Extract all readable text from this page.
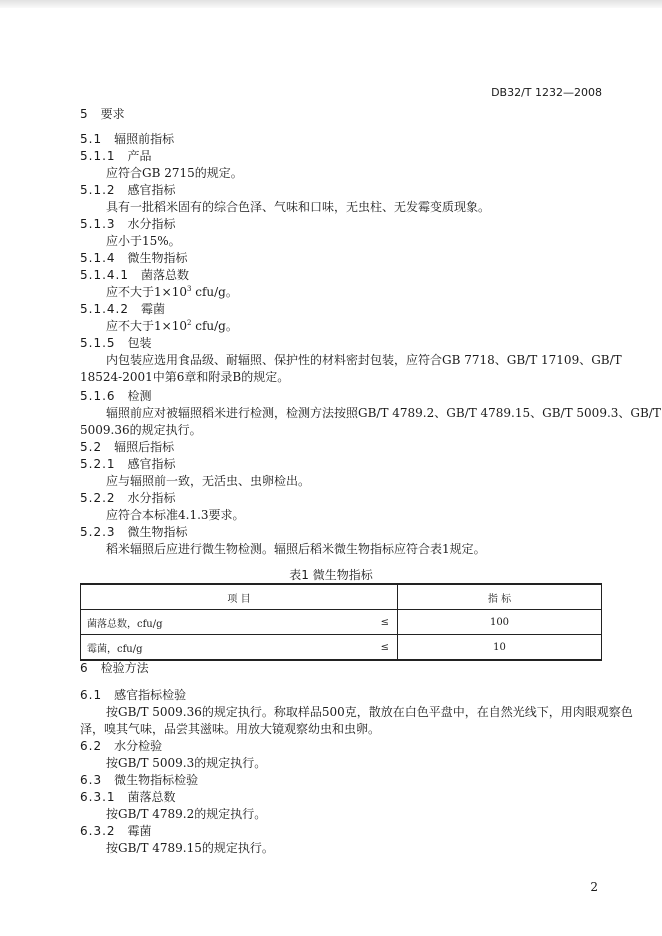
DB32/T 1232—2008
5  要求
5.1  辐照前指标
5.1.1  产品
应符合GB 2715的规定。
5.1.2  感官指标
具有一批稻米固有的综合色泽、气味和口味，无虫柱、无发霉变质现象。
5.1.3  水分指标
应小于15%。
5.1.4  微生物指标
5.1.4.1  菌落总数
应不大于$1\times 10^3$ cfu/g。
5.1.4.2  霉菌
应不大于$1\times 10^2$ cfu/g。
5.1.5  包装
内包装应选用食品级、耐辐照、保护性的材料密封包装，应符合GB 7718、GB/T 17109、GB/T
18524-2001中第6章和附录B的规定。
5.1.6  检测
辐照前应对被辐照稻米进行检测，检测方法按照GB/T 4789.2、GB/T 4789.15、GB/T 5009.3、GB/T
5009.36的规定执行。
5.2  辐照后指标
5.2.1  感官指标
应与辐照前一致，无活虫、虫卵检出。
5.2.2  水分指标
应符合本标准4.1.3要求。
5.2.3  微生物指标
稻米辐照后应进行微生物检测。辐照后稻米微生物指标应符合表1规定。
6  检验方法
6.1  感官指标检验
按GB/T 5009.36的规定执行。称取样品500克，散放在白色平盘中，在自然光线下，用肉眼观察色
泽，嗅其气味，品尝其滋味。用放大镜观察幼虫和虫卵。
6.2  水分检验
按GB/T 5009.3的规定执行。
6.3  微生物指标检验
6.3.1  菌落总数
按GB/T 4789.2的规定执行。
6.3.2  霉菌
按GB/T 4789.15的规定执行。
表1 微生物指标
项 目		指 标
菌落总数，cfu/g	≤	100
霉菌，cfu/g	≤	10
2
